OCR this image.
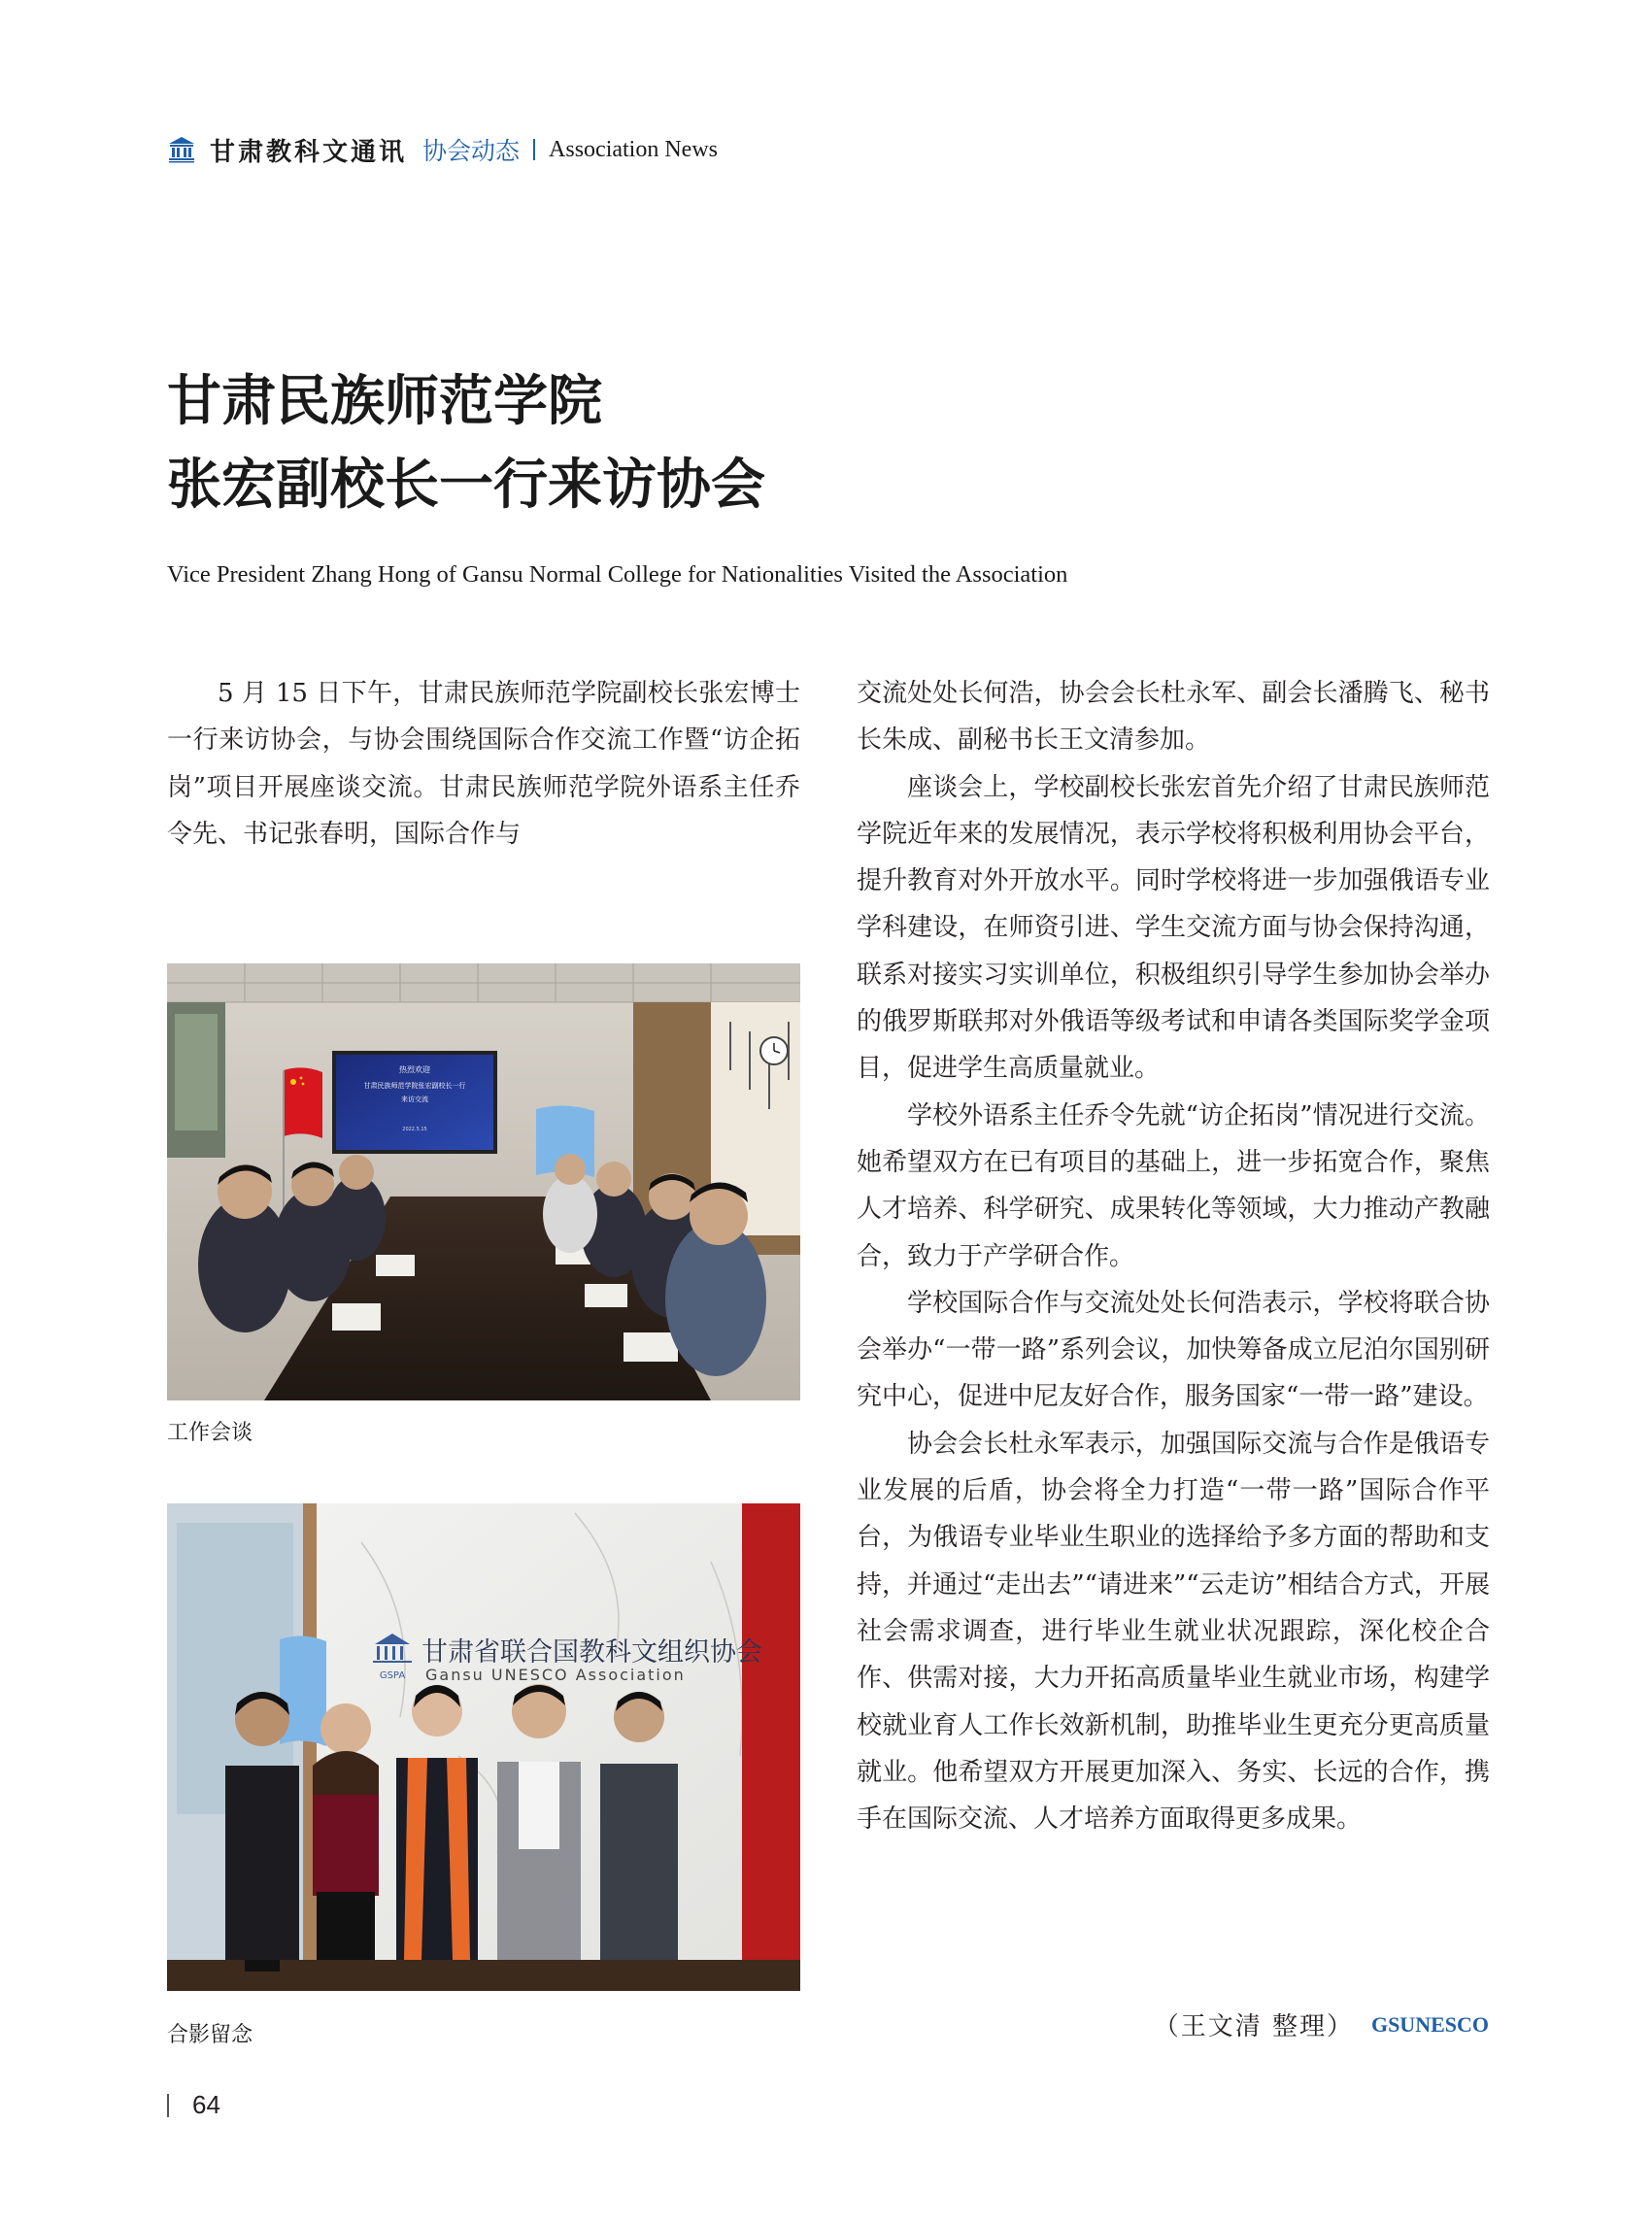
甘肃教科文通讯 协会动态 Association News
甘肃民族师范学院
张宏副校长一行来访协会
Vice President Zhang Hong of Gansu Normal College for Nationalities Visited the Association

5 月 15 日下午，甘肃民族师范学院副校长张宏博士一行来访协会，与协会围绕国际合作交流工作暨“访企拓岗”项目开展座谈交流。甘肃民族师范学院外语系主任乔令先、书记张春明，国际合作与

热烈欢迎
甘肃民族师范学院张宏副校长一行
来访交流
2022.5.15
工作会谈
GSPA
甘肃省联合国教科文组织协会
Gansu UNESCO Association
合影留念

交流处处长何浩，协会会长杜永军、副会长潘腾飞、秘书长朱成、副秘书长王文清参加。

座谈会上，学校副校长张宏首先介绍了甘肃民族师范学院近年来的发展情况，表示学校将积极利用协会平台，提升教育对外开放水平。同时学校将进一步加强俄语专业学科建设，在师资引进、学生交流方面与协会保持沟通，联系对接实习实训单位，积极组织引导学生参加协会举办的俄罗斯联邦对外俄语等级考试和申请各类国际奖学金项目，促进学生高质量就业。

学校外语系主任乔令先就“访企拓岗”情况进行交流。她希望双方在已有项目的基础上，进一步拓宽合作，聚焦人才培养、科学研究、成果转化等领域，大力推动产教融合，致力于产学研合作。

学校国际合作与交流处处长何浩表示，学校将联合协会举办“一带一路”系列会议，加快筹备成立尼泊尔国别研究中心，促进中尼友好合作，服务国家“一带一路”建设。

协会会长杜永军表示，加强国际交流与合作是俄语专业发展的后盾，协会将全力打造“一带一路”国际合作平台，为俄语专业毕业生职业的选择给予多方面的帮助和支持，并通过“走出去”“请进来”“云走访”相结合方式，开展社会需求调查，进行毕业生就业状况跟踪，深化校企合作、供需对接，大力开拓高质量毕业生就业市场，构建学校就业育人工作长效新机制，助推毕业生更充分更高质量就业。他希望双方开展更加深入、务实、长远的合作，携手在国际交流、人才培养方面取得更多成果。

（王文清 整理） GSUNESCO
64
